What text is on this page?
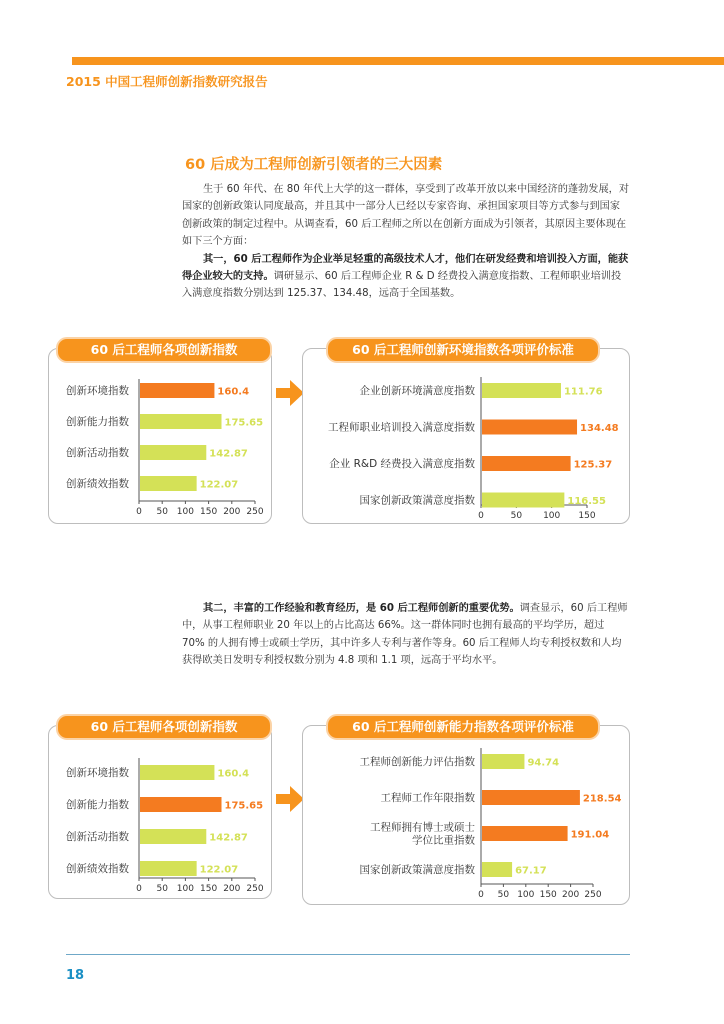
2015 中国工程师创新指数研究报告
60 后成为工程师创新引领者的三大因素
生于 60 年代、在 80 年代上大学的这一群体，享受到了改革开放以来中国经济的蓬勃发展，对国家的创新政策认同度最高，并且其中一部分人已经以专家咨询、承担国家项目等方式参与到国家创新政策的制定过程中。从调查看，60 后工程师之所以在创新方面成为引领者，其原因主要体现在如下三个方面：
其一，60 后工程师作为企业举足轻重的高级技术人才，他们在研发经费和培训投入方面，能获得企业较大的支持。调研显示、60 后工程师企业 R & D 经费投入满意度指数、工程师职业培训投入满意度指数分别达到 125.37、134.48，远高于全国基数。
0 50 100 150 200 250
160.4
创新环境指数
175.65
创新能力指数
142.87
创新活动指数
122.07
创新绩效指数
60 后工程师各项创新指数
0	50 100 150
111.76
企业创新环境满意度指数
134.48
工程师职业培训投入满意度指数
125.37
企业 R&D 经费投入满意度指数
116.55
国家创新政策满意度指数
60 后工程师创新环境指数各项评价标准
其二，丰富的工作经验和教育经历，是 60 后工程师创新的重要优势。调查显示，60 后工程师中，从事工程师职业 20 年以上的占比高达 66%。这一群体同时也拥有最高的平均学历，超过 70% 的人拥有博士或硕士学历，其中许多人专利与著作等身。60 后工程师人均专利授权数和人均获得欧美日发明专利授权数分别为 4.8 项和 1.1 项，远高于平均水平。
0 50 100 150 200 250
160.4
创新环境指数
175.65
创新能力指数
142.87
创新活动指数
122.07
创新绩效指数
60 后工程师各项创新指数
0 50 100 150 200 250
94.74
工程师创新能力评估指数
218.54
工程师工作年限指数
191.04
工程师拥有博士或硕士
学位比重指数
67.17
国家创新政策满意度指数
60 后工程师创新能力指数各项评价标准
18
